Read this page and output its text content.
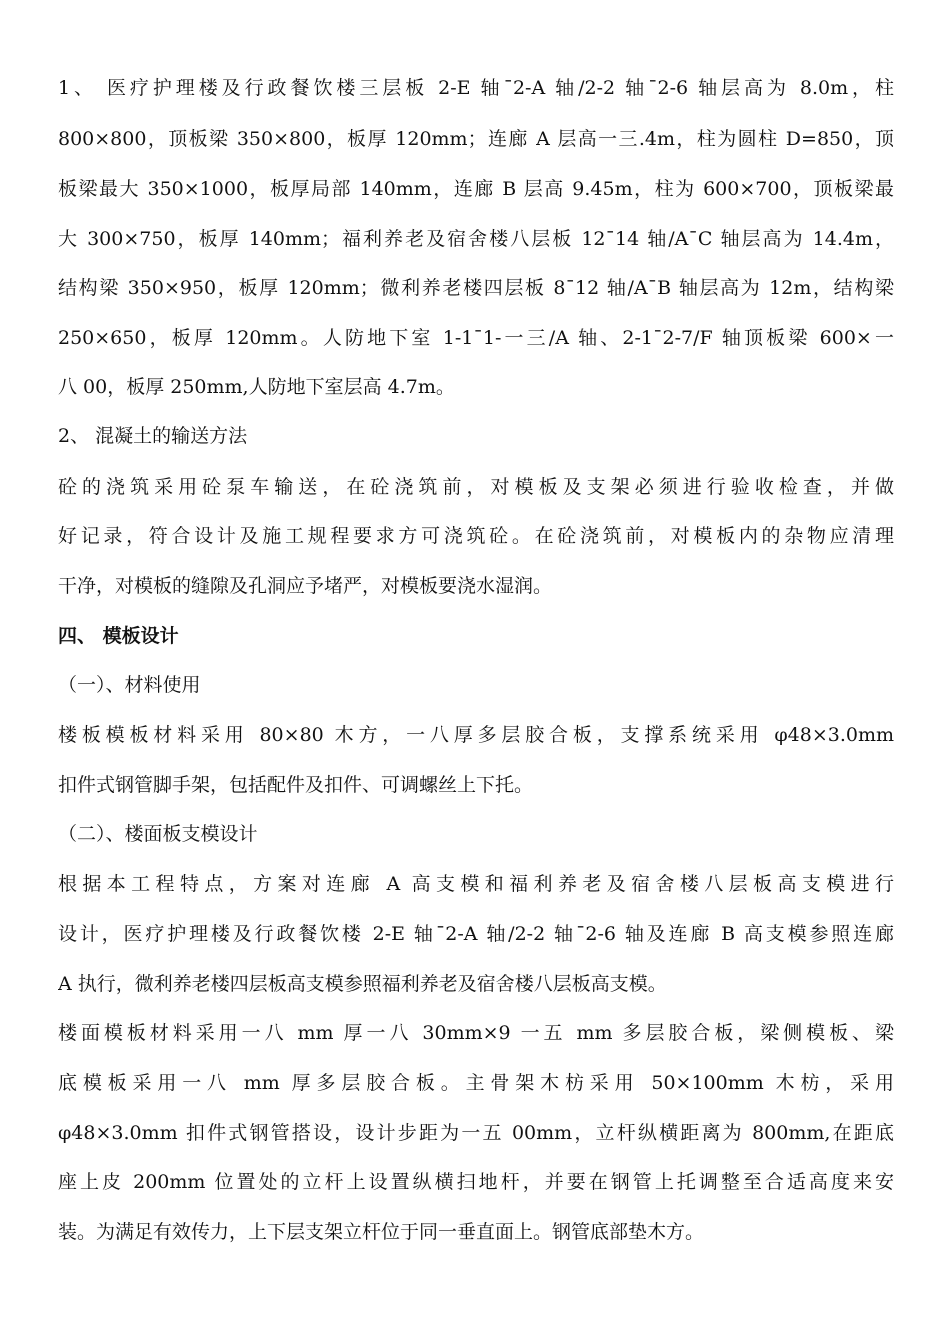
1、 医疗护理楼及行政餐饮楼三层板 2-E 轴¯2-A 轴/2-2 轴¯2-6 轴层高为 8.0m，柱
800×800，顶板梁 350×800，板厚 120mm；连廊 A 层高一三.4m，柱为圆柱 D=850，顶
板梁最大 350×1000，板厚局部 140mm，连廊 B 层高 9.45m，柱为 600×700，顶板梁最
大 300×750，板厚 140mm；福利养老及宿舍楼八层板 12¯14 轴/A¯C 轴层高为 14.4m，
结构梁 350×950，板厚 120mm；微利养老楼四层板 8¯12 轴/A¯B 轴层高为 12m，结构梁
250×650，板厚 120mm。人防地下室 1-1¯1-一三/A 轴、2-1¯2-7/F 轴顶板梁 600×一
八 00，板厚 250mm,人防地下室层高 4.7m。
2、 混凝土的输送方法
砼的浇筑采用砼泵车输送，在砼浇筑前，对模板及支架必须进行验收检查，并做
好记录，符合设计及施工规程要求方可浇筑砼。在砼浇筑前，对模板内的杂物应清理
干净，对模板的缝隙及孔洞应予堵严，对模板要浇水湿润。
四、 模板设计
（一）、材料使用
楼板模板材料采用 80×80 木方，一八厚多层胶合板，支撑系统采用 φ48×3.0mm
扣件式钢管脚手架，包括配件及扣件、可调螺丝上下托。
（二）、楼面板支模设计
根据本工程特点，方案对连廊 A 高支模和福利养老及宿舍楼八层板高支模进行
设计，医疗护理楼及行政餐饮楼 2-E 轴¯2-A 轴/2-2 轴¯2-6 轴及连廊 B 高支模参照连廊
A 执行，微利养老楼四层板高支模参照福利养老及宿舍楼八层板高支模。
楼面模板材料采用一八 mm 厚一八 30mm×9 一五 mm 多层胶合板，梁侧模板、梁
底模板采用一八 mm 厚多层胶合板。主骨架木枋采用 50×100mm 木枋，采用
φ48×3.0mm 扣件式钢管搭设，设计步距为一五 00mm，立杆纵横距离为 800mm,在距底
座上皮 200mm 位置处的立杆上设置纵横扫地杆，并要在钢管上托调整至合适高度来安
装。为满足有效传力，上下层支架立杆位于同一垂直面上。钢管底部垫木方。
